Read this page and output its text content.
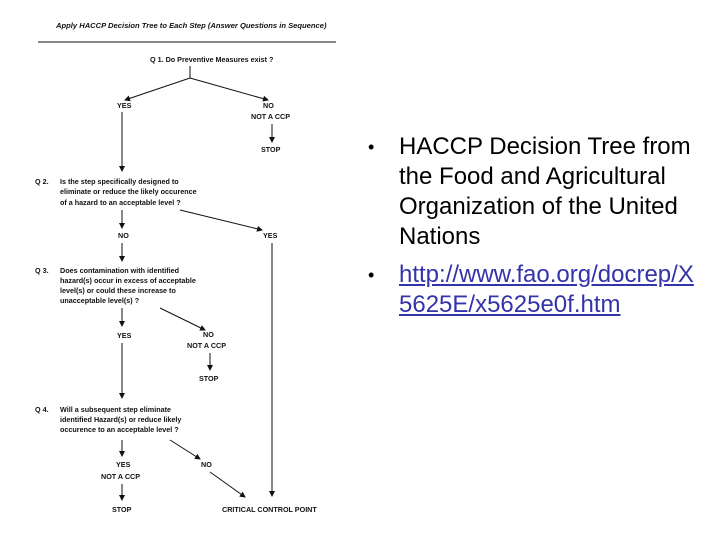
Apply HACCP Decision Tree to Each Step (Answer Questions in Sequence)
Q 1. Do Preventive Measures exist ?
YES	NO
NOT A CCP
STOP
Q 2. Is the step specifically designed to
eliminate or reduce the likely occurence
of a hazard to an acceptable level ?
NO	YES
Q 3. Does contamination with identified
hazard(s) occur in excess of acceptable
level(s) or could these increase to
unacceptable level(s) ?
YES	NO
NOT A CCP
STOP
Q 4. Will a subsequent step eliminate
identified Hazard(s) or reduce likely
occurence to an acceptable level ?
YES	NO
NOT A CCP
STOP	CRITICAL CONTROL POINT
• HACCP Decision Tree from the Food and Agricultural Organization of the United Nations
• http://www.fao.org/docrep/X5625E/x5625e0f.htm
